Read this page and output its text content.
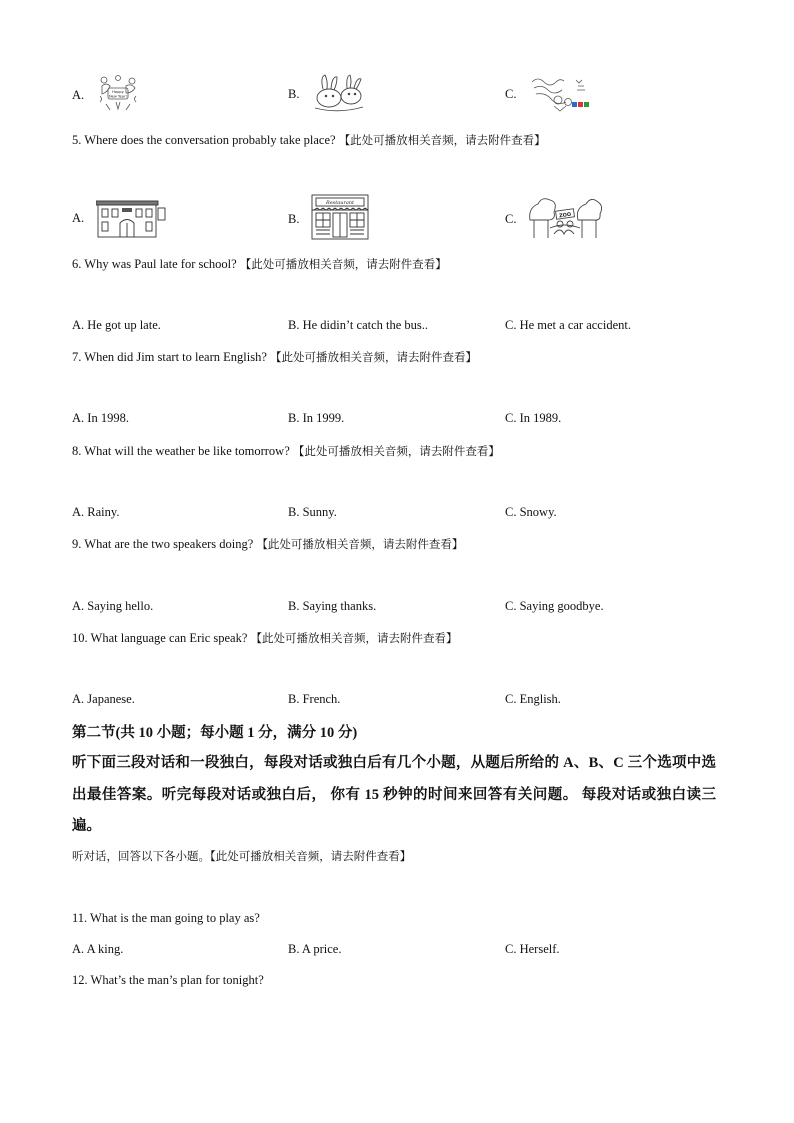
A.	Happy
New Year!	B.	C.
5. Where does the conversation probably take place? 【此处可播放相关音频，请去附件查看】
A.	B.
Restaurant
C.	ZOO
6. Why was Paul late for school? 【此处可播放相关音频，请去附件查看】
A. He got up late.	B. He didin’t catch the bus..	C. He met a car accident.
7. When did Jim start to learn English? 【此处可播放相关音频，请去附件查看】
A. In 1998.	B. In 1999.	C. In 1989.
8. What will the weather be like tomorrow? 【此处可播放相关音频，请去附件查看】
A. Rainy.	B. Sunny.	C. Snowy.
9. What are the two speakers doing? 【此处可播放相关音频，请去附件查看】
A. Saying hello.	B. Saying thanks.	C. Saying goodbye.
10. What language can Eric speak? 【此处可播放相关音频，请去附件查看】
A. Japanese.	B. French.	C. English.
第二节(共 10 小题；每小题 1 分，满分 10 分)
听下面三段对话和一段独白，每段对话或独白后有几个小题，从题后所给的 A、B、C 三个选项中选出最佳答案。听完每段对话或独白后， 你有 15 秒钟的时间来回答有关问题。 每段对话或独白读三遍。
听对话，回答以下各小题。【此处可播放相关音频，请去附件查看】
11. What is the man going to play as?
A. A king.	B. A price.	C. Herself.
12. What’s the man’s plan for tonight?
